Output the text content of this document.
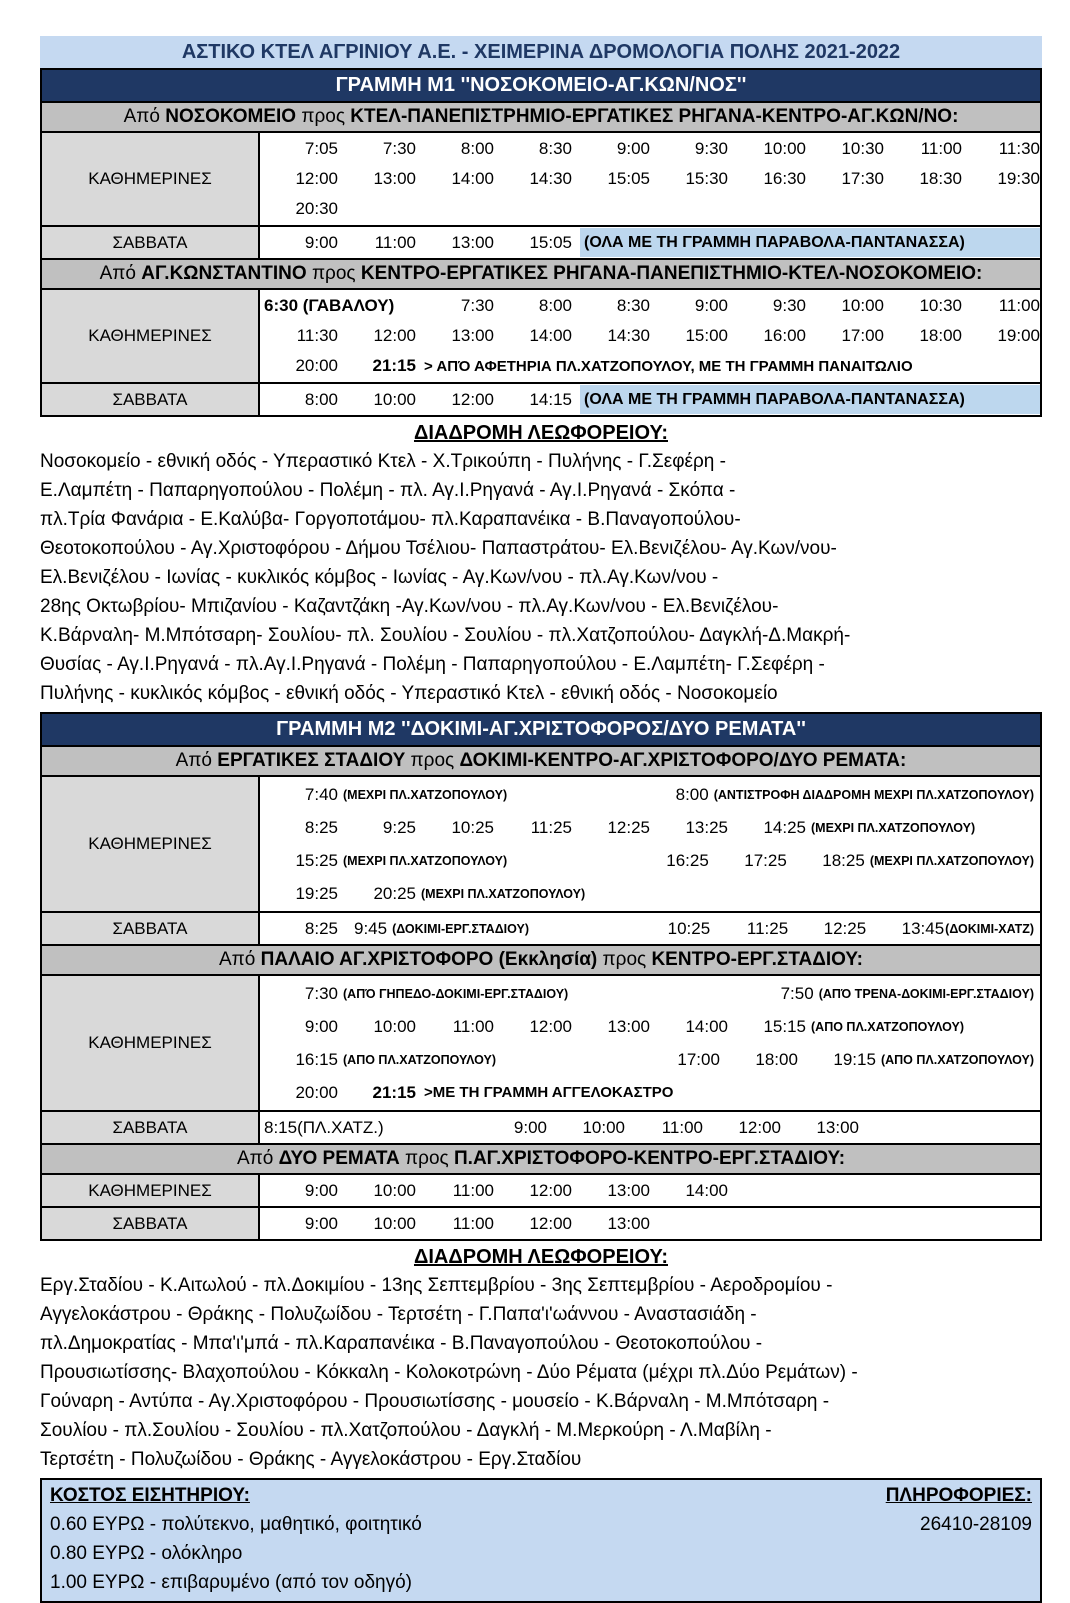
ΑΣΤΙΚΟ ΚΤΕΛ ΑΓΡΙΝΙΟΥ Α.Ε. - ΧΕΙΜΕΡΙΝΑ ΔΡΟΜΟΛΟΓΙΑ ΠΟΛΗΣ 2021-2022
ΓΡΑΜΜΗ Μ1 ''ΝΟΣΟΚΟΜΕΙΟ-ΑΓ.ΚΩΝ/ΝΟΣ''
Από ΝΟΣΟΚΟΜΕΙΟ προς ΚΤΕΛ-ΠΑΝΕΠΙΣΤΡΗΜΙΟ-ΕΡΓΑΤΙΚΕΣ ΡΗΓΑΝΑ-ΚΕΝΤΡΟ-ΑΓ.ΚΩΝ/ΝΟ:
ΚΑΘΗΜΕΡΙΝΕΣ
7:05	7:30	8:00	8:30	9:00	9:30	10:00	10:30	11:00	11:30
12:00	13:00	14:00	14:30	15:05	15:30	16:30	17:30	18:30	19:30
20:30
ΣΑΒΒΑΤΑ	9:00	11:00	13:00	15:05 (ΟΛΑ ΜΕ ΤΗ ΓΡΑΜΜΗ ΠΑΡΑΒΟΛΑ-ΠΑΝΤΑΝΑΣΣΑ)
Από ΑΓ.ΚΩΝΣΤΑΝΤΙΝΟ προς ΚΕΝΤΡΟ-ΕΡΓΑΤΙΚΕΣ ΡΗΓΑΝΑ-ΠΑΝΕΠΙΣΤΗΜΙΟ-ΚΤΕΛ-ΝΟΣΟΚΟΜΕΙΟ:
ΚΑΘΗΜΕΡΙΝΕΣ
6:30 (ΓΑΒΑΛΟΥ)	7:30	8:00	8:30	9:00	9:30	10:00	10:30	11:00
11:30	12:00	13:00	14:00	14:30	15:00	16:00	17:00	18:00	19:00
20:00	21:15 > ΑΠΌ ΑΦΕΤΗΡΙΑ ΠΛ.ΧΑΤΖΟΠΟΥΛΟΥ, ΜΕ ΤΗ ΓΡΑΜΜΗ ΠΑΝΑΙΤΩΛΙΟ
ΣΑΒΒΑΤΑ	8:00	10:00	12:00	14:15 (ΟΛΑ ΜΕ ΤΗ ΓΡΑΜΜΗ ΠΑΡΑΒΟΛΑ-ΠΑΝΤΑΝΑΣΣΑ)
ΔΙΑΔΡΟΜΗ ΛΕΩΦΟΡΕΙΟΥ:
Νοσοκομείο - εθνική οδός - Υπεραστικό Κτελ - Χ.Τρικούπη - Πυλήνης - Γ.Σεφέρη -
Ε.Λαμπέτη - Παπαρηγοπούλου - Πολέμη - πλ. Αγ.Ι.Ρηγανά - Αγ.Ι.Ρηγανά - Σκόπα -
πλ.Τρία Φανάρια - Ε.Καλύβα- Γοργοποτάμου- πλ.Καραπανέικα - Β.Παναγοπούλου-
Θεοτοκοπούλου - Αγ.Χριστοφόρου - Δήμου Τσέλιου- Παπαστράτου- Ελ.Βενιζέλου- Αγ.Κων/νου-
Ελ.Βενιζέλου - Ιωνίας - κυκλικός κόμβος - Ιωνίας - Αγ.Κων/νου - πλ.Αγ.Κων/νου -
28ης Οκτωβρίου- Μπιζανίου - Καζαντζάκη -Αγ.Κων/νου - πλ.Αγ.Κων/νου - Ελ.Βενιζέλου-
Κ.Βάρναλη- Μ.Μπότσαρη- Σουλίου- πλ. Σουλίου - Σουλίου - πλ.Χατζοπούλου- Δαγκλή-Δ.Μακρή-
Θυσίας - Αγ.Ι.Ρηγανά - πλ.Αγ.Ι.Ρηγανά - Πολέμη - Παπαρηγοπούλου - Ε.Λαμπέτη- Γ.Σεφέρη -
Πυλήνης - κυκλικός κόμβος - εθνική οδός - Υπεραστικό Κτελ - εθνική οδός - Νοσοκομείο
ΓΡΑΜΜΗ Μ2 ''ΔΟΚΙΜΙ-ΑΓ.ΧΡΙΣΤΟΦΟΡΟΣ/ΔΥΟ ΡΕΜΑΤΑ''
Από ΕΡΓΑΤΙΚΕΣ ΣΤΑΔΙΟΥ προς ΔΟΚΙΜΙ-ΚΕΝΤΡΟ-ΑΓ.ΧΡΙΣΤΟΦΟΡΟ/ΔΥΟ ΡΕΜΑΤΑ:
ΚΑΘΗΜΕΡΙΝΕΣ
7:40 (ΜΕΧΡΙ ΠΛ.ΧΑΤΖΟΠΟΥΛΟΥ)	8:00 (ΑΝΤΙΣΤΡΟΦΗ ΔΙΑΔΡΟΜΗ ΜΕΧΡΙ ΠΛ.ΧΑΤΖΟΠΟΥΛΟΥ)
8:25	9:25	10:25	11:25	12:25	13:25	14:25 (ΜΕΧΡΙ ΠΛ.ΧΑΤΖΟΠΟΥΛΟΥ)
15:25 (ΜΕΧΡΙ ΠΛ.ΧΑΤΖΟΠΟΥΛΟΥ)	16:25	17:25	18:25 (ΜΕΧΡΙ ΠΛ.ΧΑΤΖΟΠΟΥΛΟΥ)
19:25	20:25 (ΜΕΧΡΙ ΠΛ.ΧΑΤΖΟΠΟΥΛΟΥ)
ΣΑΒΒΑΤΑ	8:25 9:45 (ΔΟΚΙΜΙ-ΕΡΓ.ΣΤΑΔΙΟΥ)	10:25	11:25	12:25	13:45 (ΔΟΚΙΜΙ-ΧΑΤΖ)
Από ΠΑΛΑΙΟ ΑΓ.ΧΡΙΣΤΟΦΟΡΟ (Εκκλησία) προς ΚΕΝΤΡΟ-ΕΡΓ.ΣΤΑΔΙΟΥ:
ΚΑΘΗΜΕΡΙΝΕΣ
7:30 (ΑΠΌ ΓΗΠΕΔΟ-ΔΟΚΙΜΙ-ΕΡΓ.ΣΤΑΔΙΟΥ)	7:50 (ΑΠΌ ΤΡΕΝΑ-ΔΟΚΙΜΙ-ΕΡΓ.ΣΤΑΔΙΟΥ)
9:00	10:00	11:00	12:00	13:00	14:00	15:15 (ΑΠΟ ΠΛ.ΧΑΤΖΟΠΟΥΛΟΥ)
16:15 (ΑΠΟ ΠΛ.ΧΑΤΖΟΠΟΥΛΟΥ)	17:00	18:00	19:15 (ΑΠΟ ΠΛ.ΧΑΤΖΟΠΟΥΛΟΥ)
20:00	21:15 >ΜΕ ΤΗ ΓΡΑΜΜΗ ΑΓΓΕΛΟΚΑΣΤΡΟ
ΣΑΒΒΑΤΑ	8:15(ΠΛ.ΧΑΤΖ.)	9:00	10:00	11:00	12:00	13:00
Από ΔΥΟ ΡΕΜΑΤΑ προς Π.ΑΓ.ΧΡΙΣΤΟΦΟΡΟ-ΚΕΝΤΡΟ-ΕΡΓ.ΣΤΑΔΙΟΥ:
ΚΑΘΗΜΕΡΙΝΕΣ	9:00	10:00	11:00	12:00	13:00	14:00
ΣΑΒΒΑΤΑ	9:00	10:00	11:00	12:00	13:00
ΔΙΑΔΡΟΜΗ ΛΕΩΦΟΡΕΙΟΥ:
Εργ.Σταδίου - Κ.Αιτωλού - πλ.Δοκιμίου - 13ης Σεπτεμβρίου - 3ης Σεπτεμβρίου - Αεροδρομίου -
Αγγελοκάστρου - Θράκης - Πολυζωίδου - Τερτσέτη - Γ.Παπα'ι'ωάννου - Αναστασιάδη -
πλ.Δημοκρατίας - Μπα'ι'μπά - πλ.Καραπανέικα - Β.Παναγοπούλου - Θεοτοκοπούλου -
Προυσιωτίσσης- Βλαχοπούλου - Κόκκαλη - Κολοκοτρώνη - Δύο Ρέματα (μέχρι πλ.Δύο Ρεμάτων) -
Γούναρη - Αντύπα - Αγ.Χριστοφόρου - Προυσιωτίσσης - μουσείο - Κ.Βάρναλη - Μ.Μπότσαρη -
Σουλίου - πλ.Σουλίου - Σουλίου - πλ.Χατζοπούλου - Δαγκλή - Μ.Μερκούρη - Λ.Μαβίλη -
Τερτσέτη - Πολυζωίδου - Θράκης - Αγγελοκάστρου - Εργ.Σταδίου
ΚΟΣΤΟΣ ΕΙΣΗΤΗΡΙΟΥ:
0.60 ΕΥΡΩ - πολύτεκνο, μαθητικό, φοιτητικό
0.80 ΕΥΡΩ - ολόκληρο
1.00 ΕΥΡΩ - επιβαρυμένο (από τον οδηγό)
ΠΛΗΡΟΦΟΡΙΕΣ:
26410-28109
